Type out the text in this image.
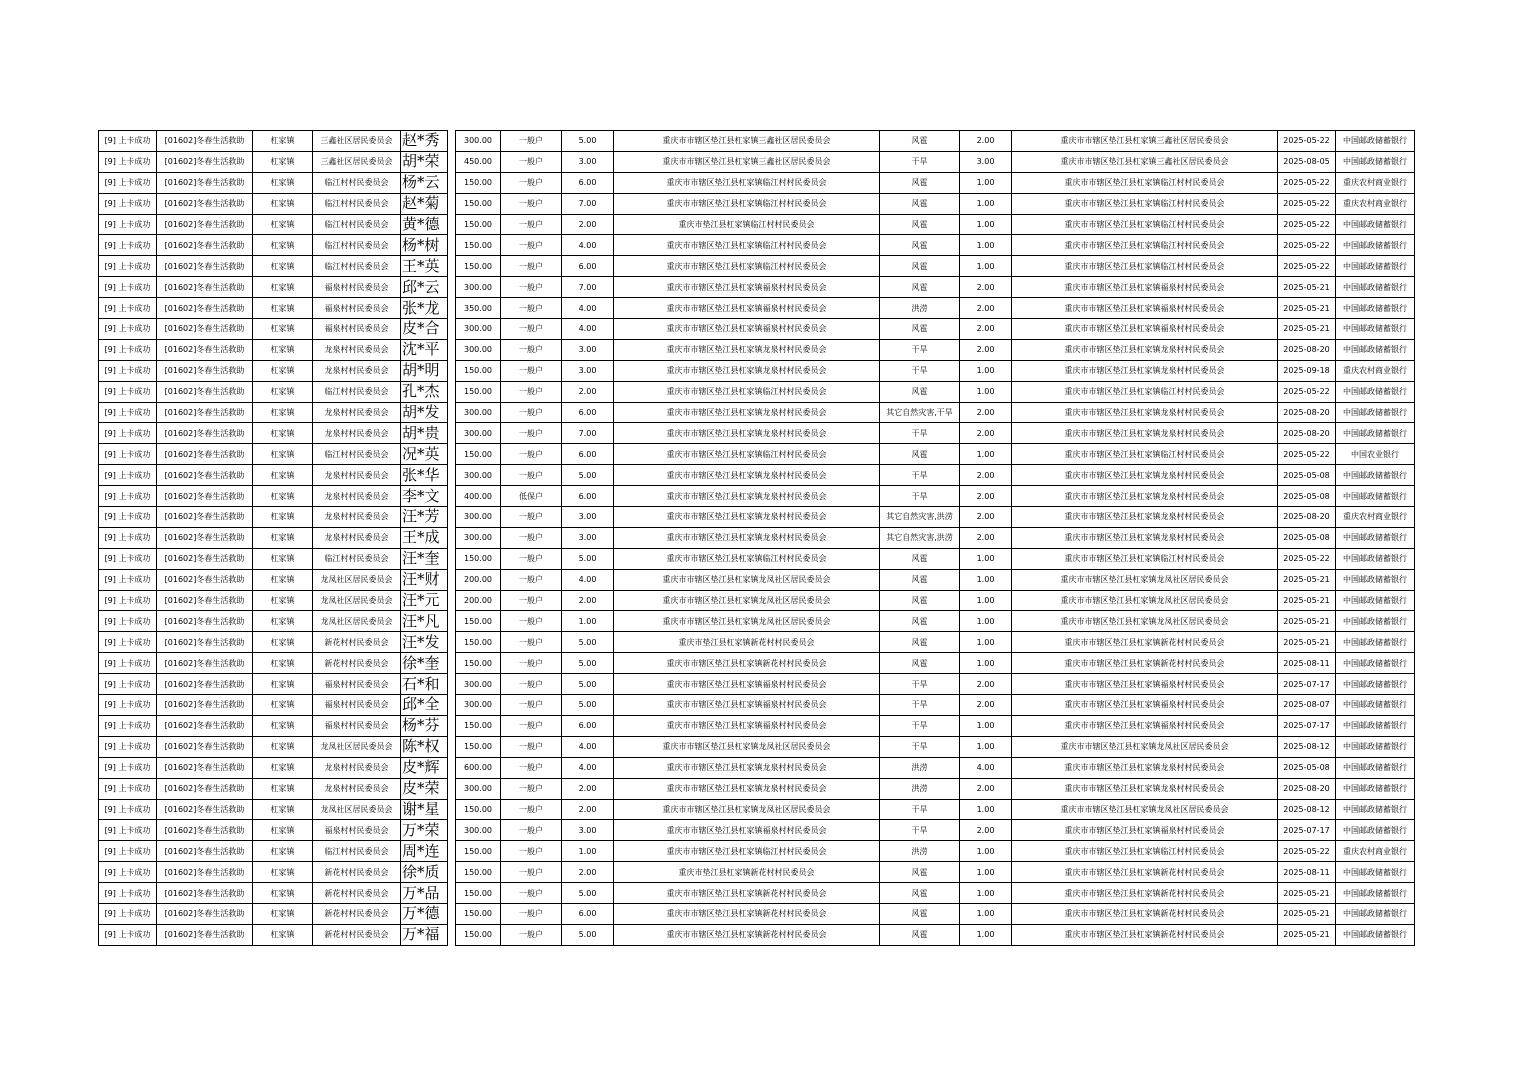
[9] 上卡成功	[01602]冬春生活救助	杠家镇	三鑫社区居民委员会	赵*秀		300.00	一般户	5.00	重庆市市辖区垫江县杠家镇三鑫社区居民委员会	风雹	2.00	重庆市市辖区垫江县杠家镇三鑫社区居民委员会	2025-05-22	中国邮政储蓄银行
[9] 上卡成功	[01602]冬春生活救助	杠家镇	三鑫社区居民委员会	胡*荣		450.00	一般户	3.00	重庆市市辖区垫江县杠家镇三鑫社区居民委员会	干旱	3.00	重庆市市辖区垫江县杠家镇三鑫社区居民委员会	2025-08-05	中国邮政储蓄银行
[9] 上卡成功	[01602]冬春生活救助	杠家镇	临江村村民委员会	杨*云		150.00	一般户	6.00	重庆市市辖区垫江县杠家镇临江村村民委员会	风雹	1.00	重庆市市辖区垫江县杠家镇临江村村民委员会	2025-05-22	重庆农村商业银行
[9] 上卡成功	[01602]冬春生活救助	杠家镇	临江村村民委员会	赵*菊		150.00	一般户	7.00	重庆市市辖区垫江县杠家镇临江村村民委员会	风雹	1.00	重庆市市辖区垫江县杠家镇临江村村民委员会	2025-05-22	重庆农村商业银行
[9] 上卡成功	[01602]冬春生活救助	杠家镇	临江村村民委员会	黄*德		150.00	一般户	2.00	重庆市垫江县杠家镇临江村村民委员会	风雹	1.00	重庆市市辖区垫江县杠家镇临江村村民委员会	2025-05-22	中国邮政储蓄银行
[9] 上卡成功	[01602]冬春生活救助	杠家镇	临江村村民委员会	杨*树		150.00	一般户	4.00	重庆市市辖区垫江县杠家镇临江村村民委员会	风雹	1.00	重庆市市辖区垫江县杠家镇临江村村民委员会	2025-05-22	中国邮政储蓄银行
[9] 上卡成功	[01602]冬春生活救助	杠家镇	临江村村民委员会	王*英		150.00	一般户	6.00	重庆市市辖区垫江县杠家镇临江村村民委员会	风雹	1.00	重庆市市辖区垫江县杠家镇临江村村民委员会	2025-05-22	中国邮政储蓄银行
[9] 上卡成功	[01602]冬春生活救助	杠家镇	福泉村村民委员会	邱*云		300.00	一般户	7.00	重庆市市辖区垫江县杠家镇福泉村村民委员会	风雹	2.00	重庆市市辖区垫江县杠家镇福泉村村民委员会	2025-05-21	中国邮政储蓄银行
[9] 上卡成功	[01602]冬春生活救助	杠家镇	福泉村村民委员会	张*龙		350.00	一般户	4.00	重庆市市辖区垫江县杠家镇福泉村村民委员会	洪涝	2.00	重庆市市辖区垫江县杠家镇福泉村村民委员会	2025-05-21	中国邮政储蓄银行
[9] 上卡成功	[01602]冬春生活救助	杠家镇	福泉村村民委员会	皮*合		300.00	一般户	4.00	重庆市市辖区垫江县杠家镇福泉村村民委员会	风雹	2.00	重庆市市辖区垫江县杠家镇福泉村村民委员会	2025-05-21	中国邮政储蓄银行
[9] 上卡成功	[01602]冬春生活救助	杠家镇	龙泉村村民委员会	沈*平		300.00	一般户	3.00	重庆市市辖区垫江县杠家镇龙泉村村民委员会	干旱	2.00	重庆市市辖区垫江县杠家镇龙泉村村民委员会	2025-08-20	中国邮政储蓄银行
[9] 上卡成功	[01602]冬春生活救助	杠家镇	龙泉村村民委员会	胡*明		150.00	一般户	3.00	重庆市市辖区垫江县杠家镇龙泉村村民委员会	干旱	1.00	重庆市市辖区垫江县杠家镇龙泉村村民委员会	2025-09-18	重庆农村商业银行
[9] 上卡成功	[01602]冬春生活救助	杠家镇	临江村村民委员会	孔*杰		150.00	一般户	2.00	重庆市市辖区垫江县杠家镇临江村村民委员会	风雹	1.00	重庆市市辖区垫江县杠家镇临江村村民委员会	2025-05-22	中国邮政储蓄银行
[9] 上卡成功	[01602]冬春生活救助	杠家镇	龙泉村村民委员会	胡*发		300.00	一般户	6.00	重庆市市辖区垫江县杠家镇龙泉村村民委员会	其它自然灾害,干旱	2.00	重庆市市辖区垫江县杠家镇龙泉村村民委员会	2025-08-20	中国邮政储蓄银行
[9] 上卡成功	[01602]冬春生活救助	杠家镇	龙泉村村民委员会	胡*贵		300.00	一般户	7.00	重庆市市辖区垫江县杠家镇龙泉村村民委员会	干旱	2.00	重庆市市辖区垫江县杠家镇龙泉村村民委员会	2025-08-20	中国邮政储蓄银行
[9] 上卡成功	[01602]冬春生活救助	杠家镇	临江村村民委员会	况*英		150.00	一般户	6.00	重庆市市辖区垫江县杠家镇临江村村民委员会	风雹	1.00	重庆市市辖区垫江县杠家镇临江村村民委员会	2025-05-22	中国农业银行
[9] 上卡成功	[01602]冬春生活救助	杠家镇	龙泉村村民委员会	张*华		300.00	一般户	5.00	重庆市市辖区垫江县杠家镇龙泉村村民委员会	干旱	2.00	重庆市市辖区垫江县杠家镇龙泉村村民委员会	2025-05-08	中国邮政储蓄银行
[9] 上卡成功	[01602]冬春生活救助	杠家镇	龙泉村村民委员会	李*文		400.00	低保户	6.00	重庆市市辖区垫江县杠家镇龙泉村村民委员会	干旱	2.00	重庆市市辖区垫江县杠家镇龙泉村村民委员会	2025-05-08	中国邮政储蓄银行
[9] 上卡成功	[01602]冬春生活救助	杠家镇	龙泉村村民委员会	汪*芳		300.00	一般户	3.00	重庆市市辖区垫江县杠家镇龙泉村村民委员会	其它自然灾害,洪涝	2.00	重庆市市辖区垫江县杠家镇龙泉村村民委员会	2025-08-20	重庆农村商业银行
[9] 上卡成功	[01602]冬春生活救助	杠家镇	龙泉村村民委员会	王*成		300.00	一般户	3.00	重庆市市辖区垫江县杠家镇龙泉村村民委员会	其它自然灾害,洪涝	2.00	重庆市市辖区垫江县杠家镇龙泉村村民委员会	2025-05-08	中国邮政储蓄银行
[9] 上卡成功	[01602]冬春生活救助	杠家镇	临江村村民委员会	汪*奎		150.00	一般户	5.00	重庆市市辖区垫江县杠家镇临江村村民委员会	风雹	1.00	重庆市市辖区垫江县杠家镇临江村村民委员会	2025-05-22	中国邮政储蓄银行
[9] 上卡成功	[01602]冬春生活救助	杠家镇	龙凤社区居民委员会	汪*财		200.00	一般户	4.00	重庆市市辖区垫江县杠家镇龙凤社区居民委员会	风雹	1.00	重庆市市辖区垫江县杠家镇龙凤社区居民委员会	2025-05-21	中国邮政储蓄银行
[9] 上卡成功	[01602]冬春生活救助	杠家镇	龙凤社区居民委员会	汪*元		200.00	一般户	2.00	重庆市市辖区垫江县杠家镇龙凤社区居民委员会	风雹	1.00	重庆市市辖区垫江县杠家镇龙凤社区居民委员会	2025-05-21	中国邮政储蓄银行
[9] 上卡成功	[01602]冬春生活救助	杠家镇	龙凤社区居民委员会	汪*凡		150.00	一般户	1.00	重庆市市辖区垫江县杠家镇龙凤社区居民委员会	风雹	1.00	重庆市市辖区垫江县杠家镇龙凤社区居民委员会	2025-05-21	中国邮政储蓄银行
[9] 上卡成功	[01602]冬春生活救助	杠家镇	新花村村民委员会	汪*发		150.00	一般户	5.00	重庆市垫江县杠家镇新花村村民委员会	风雹	1.00	重庆市市辖区垫江县杠家镇新花村村民委员会	2025-05-21	中国邮政储蓄银行
[9] 上卡成功	[01602]冬春生活救助	杠家镇	新花村村民委员会	徐*奎		150.00	一般户	5.00	重庆市市辖区垫江县杠家镇新花村村民委员会	风雹	1.00	重庆市市辖区垫江县杠家镇新花村村民委员会	2025-08-11	中国邮政储蓄银行
[9] 上卡成功	[01602]冬春生活救助	杠家镇	福泉村村民委员会	石*和		300.00	一般户	5.00	重庆市市辖区垫江县杠家镇福泉村村民委员会	干旱	2.00	重庆市市辖区垫江县杠家镇福泉村村民委员会	2025-07-17	中国邮政储蓄银行
[9] 上卡成功	[01602]冬春生活救助	杠家镇	福泉村村民委员会	邱*全		300.00	一般户	5.00	重庆市市辖区垫江县杠家镇福泉村村民委员会	干旱	2.00	重庆市市辖区垫江县杠家镇福泉村村民委员会	2025-08-07	中国邮政储蓄银行
[9] 上卡成功	[01602]冬春生活救助	杠家镇	福泉村村民委员会	杨*芬		150.00	一般户	6.00	重庆市市辖区垫江县杠家镇福泉村村民委员会	干旱	1.00	重庆市市辖区垫江县杠家镇福泉村村民委员会	2025-07-17	中国邮政储蓄银行
[9] 上卡成功	[01602]冬春生活救助	杠家镇	龙凤社区居民委员会	陈*权		150.00	一般户	4.00	重庆市市辖区垫江县杠家镇龙凤社区居民委员会	干旱	1.00	重庆市市辖区垫江县杠家镇龙凤社区居民委员会	2025-08-12	中国邮政储蓄银行
[9] 上卡成功	[01602]冬春生活救助	杠家镇	龙泉村村民委员会	皮*辉		600.00	一般户	4.00	重庆市市辖区垫江县杠家镇龙泉村村民委员会	洪涝	4.00	重庆市市辖区垫江县杠家镇龙泉村村民委员会	2025-05-08	中国邮政储蓄银行
[9] 上卡成功	[01602]冬春生活救助	杠家镇	龙泉村村民委员会	皮*荣		300.00	一般户	2.00	重庆市市辖区垫江县杠家镇龙泉村村民委员会	洪涝	2.00	重庆市市辖区垫江县杠家镇龙泉村村民委员会	2025-08-20	中国邮政储蓄银行
[9] 上卡成功	[01602]冬春生活救助	杠家镇	龙凤社区居民委员会	谢*星		150.00	一般户	2.00	重庆市市辖区垫江县杠家镇龙凤社区居民委员会	干旱	1.00	重庆市市辖区垫江县杠家镇龙凤社区居民委员会	2025-08-12	中国邮政储蓄银行
[9] 上卡成功	[01602]冬春生活救助	杠家镇	福泉村村民委员会	万*荣		300.00	一般户	3.00	重庆市市辖区垫江县杠家镇福泉村村民委员会	干旱	2.00	重庆市市辖区垫江县杠家镇福泉村村民委员会	2025-07-17	中国邮政储蓄银行
[9] 上卡成功	[01602]冬春生活救助	杠家镇	临江村村民委员会	周*连		150.00	一般户	1.00	重庆市市辖区垫江县杠家镇临江村村民委员会	洪涝	1.00	重庆市市辖区垫江县杠家镇临江村村民委员会	2025-05-22	重庆农村商业银行
[9] 上卡成功	[01602]冬春生活救助	杠家镇	新花村村民委员会	徐*质		150.00	一般户	2.00	重庆市垫江县杠家镇新花村村民委员会	风雹	1.00	重庆市市辖区垫江县杠家镇新花村村民委员会	2025-08-11	中国邮政储蓄银行
[9] 上卡成功	[01602]冬春生活救助	杠家镇	新花村村民委员会	万*品		150.00	一般户	5.00	重庆市市辖区垫江县杠家镇新花村村民委员会	风雹	1.00	重庆市市辖区垫江县杠家镇新花村村民委员会	2025-05-21	中国邮政储蓄银行
[9] 上卡成功	[01602]冬春生活救助	杠家镇	新花村村民委员会	万*德		150.00	一般户	6.00	重庆市市辖区垫江县杠家镇新花村村民委员会	风雹	1.00	重庆市市辖区垫江县杠家镇新花村村民委员会	2025-05-21	中国邮政储蓄银行
[9] 上卡成功	[01602]冬春生活救助	杠家镇	新花村村民委员会	万*福		150.00	一般户	5.00	重庆市市辖区垫江县杠家镇新花村村民委员会	风雹	1.00	重庆市市辖区垫江县杠家镇新花村村民委员会	2025-05-21	中国邮政储蓄银行
